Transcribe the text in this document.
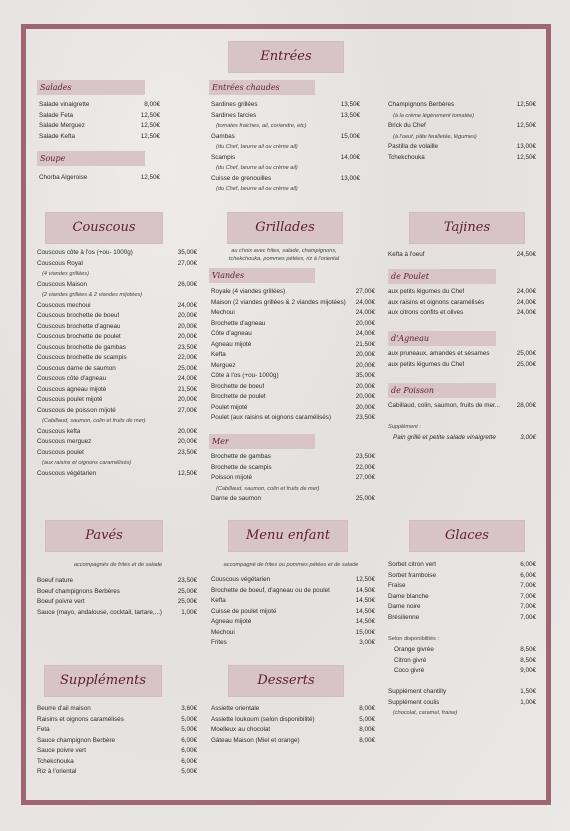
Entrées
Couscous	Grillades	Tajines
Pavés	Menu enfant	Glaces
Suppléments	Desserts
Salades
Soupe
Entrées chaudes
Viandes
Mer
de Poulet
d'Agneau
de Poisson
Salade vinaigrette	8,00€
Salade Feta	12,50€
Salade Merguez	12,50€
Salade Kefta	12,50€
Chorba Algeroise	12,50€
Sardines grillées	13,50€
Sardines farcies	13,50€
(tomates fraiches, ail, coriandre, etc)
Gambas	15,00€
(du Chef, beurre ail ou crème ail)
Scampis	14,00€
(du Chef, beurre ail ou crème ail)
Cuisse de grenouilles	13,00€
(du Chef, beurre ail ou crème ail)
Champignons Berbères	12,50€
(à la crème légèrement tomatée)
Brick du Chef	12,50€
(à l'oeuf, pâte feuilletée, légumes)
Pastilla de volaille	13,00€
Tchekchouka	12,50€
Couscous côte à l'os (+ou- 1000g)	35,00€
Couscous Royal	27,00€
(4 viandes grillées)
Couscous Maison	26,00€
(2 viandes grillées & 2 viandes mijotées)
Couscous mechoui	24,00€
Couscous brochette de boeuf	20,00€
Couscous brochette d'agneau	20,00€
Couscous brochette de poulet	20,00€
Couscous brochette de gambas	23,50€
Couscous brochette de scampis	22,00€
Couscous darne de saumon	25,00€
Couscous côte d'agneau	24,00€
Couscous agneau mijoté	21,50€
Couscous poulet mijoté	20,00€
Couscous de poisson mijoté	27,00€
(Cabillaud, saumon, colin et fruits de mer)
Couscous kefta	20,00€
Couscous merguez	20,00€
Couscous poulet	23,50€
(aux raisins et oignons caramélisés)
Couscous végétarien	12,50€
au choix avec frites, salade, champignons,
tchekchouka, pommes pétées, riz à l'oriental
Royale (4 viandes grillées)	27,00€
Maison (2 viandes grillées & 2 viandes mijotées) 24,00€
Mechoui	24,00€
Brochette d'agneau	20,00€
Côte d'agneau	24,00€
Agneau mijoté	21,50€
Kefta	20,00€
Merguez	20,00€
Côte à l'os (+ou- 1000g)	35,00€
Brochette de boeuf	20,00€
Brochette de poulet	20,00€
Poulet mijoté	20,00€
Poulet (aux raisins et oignons caramélisés)	23,50€
Brochette de gambas	23,50€
Brochette de scampis	22,00€
Poisson mijoté	27,00€
(Cabillaud, saumon, colin et fruits de mer)
Darne de saumon	25,00€
Kefta à l'oeuf	24,50€
aux petits légumes du Chef	24,00€
aux raisins et oignons caramélisés	24,00€
aux citrons confits et olives	24,00€
aux pruneaux, amandes et sésames	25,00€
aux petits légumes du Chef	25,00€
Cabillaud, colin, saumon, fruits de mer...	28,00€
Supplément :
Pain grillé et petite salade vinaigrette	3,00€
accompagnés de frites et de salade
Boeuf nature	23,50€
Boeuf champignons Berbères	25,00€
Boeuf poivre vert	25,00€
Sauce (mayo, andalouse, cocktail, tartare,...)	1,00€
accompagné de frites ou pommes pétées et de salade
Couscous végétarien	12,50€
Brochette de boeuf, d'agneau ou de poulet	14,50€
Kefta	14,50€
Cuisse de poulet mijoté	14,50€
Agneau mijoté	14,50€
Mechoui	15,00€
Frites	3,00€
Sorbet citron vert	6,00€
Sorbet framboise	6,00€
Fraise	7,00€
Dame blanche	7,00€
Dame noire	7,00€
Brésilienne	7,00€
Selon disponibilités :
Orange givrée	8,50€
Citron givré	8,50€
Coco givré	9,00€
Supplément chantilly	1,50€
Supplément coulis	1,00€
(chocolat, caramel, fraise)
Beurre d'ail maison	3,60€
Raisins et oignons caramélisés	5,00€
Feta	5,00€
Sauce champignon Berbère	6,00€
Sauce poivre vert	6,00€
Tchekchouka	6,00€
Riz à l'oriental	5,00€
Assiette orientale	8,00€
Assiette loukoum (selon disponibilité)	5,00€
Moelleux au chocolat	8,00€
Gâteau Maison (Miel et orange)	8,00€
